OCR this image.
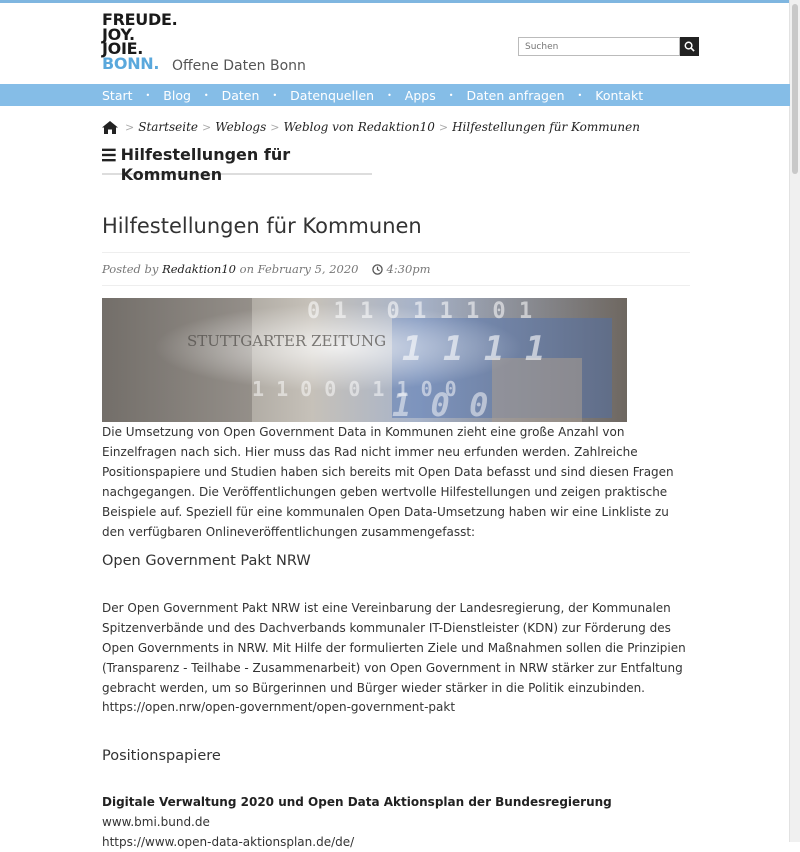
FREUDE.
JOY.
JOIE.
BONN. Offene Daten Bonn
Suchen
Start • Blog • Daten • Datenquellen • Apps • Daten anfragen • Kontakt
> Startseite > Weblogs > Weblog von Redaktion10 > Hilfestellungen für Kommunen
Hilfestellungen für Kommunen
Hilfestellungen für Kommunen
Posted by
Redaktion10
on
February 5, 2020 4:30pm
STUTTGARTER ZEITUNG
0 1 1 0 1 1 1 0 1
1 1 0 0 0 1 1 0 0
1 1 1 1
1 0 0

Die Umsetzung von Open Government Data in Kommunen zieht eine große Anzahl von Einzelfragen nach sich. Hier muss das Rad nicht immer neu erfunden werden. Zahlreiche Positionspapiere und Studien haben sich bereits mit Open Data befasst und sind diesen Fragen nachgegangen. Die Veröffentlichungen geben wertvolle Hilfestellungen und zeigen praktische Beispiele auf. Speziell für eine kommunalen Open Data-Umsetzung haben wir eine Linkliste zu den verfügbaren Onlineveröffentlichungen zusammengefasst:

Open Government Pakt NRW

Der Open Government Pakt NRW ist eine Vereinbarung der Landesregierung, der Kommunalen Spitzenverbände und des Dachverbands kommunaler IT-Dienstleister (KDN) zur Förderung des Open Governments in NRW. Mit Hilfe der formulierten Ziele und Maßnahmen sollen die Prinzipien (Transparenz - Teilhabe - Zusammenarbeit) von Open Government in NRW stärker zur Entfaltung gebracht werden, um so Bürgerinnen und Bürger wieder stärker in die Politik einzubinden.

https://open.nrw/open-government/open-government-pakt
Positionspapiere

Digitale Verwaltung 2020 und Open Data Aktionsplan der Bundesregierung

www.bmi.bund.de
https://www.open-data-aktionsplan.de/de/
